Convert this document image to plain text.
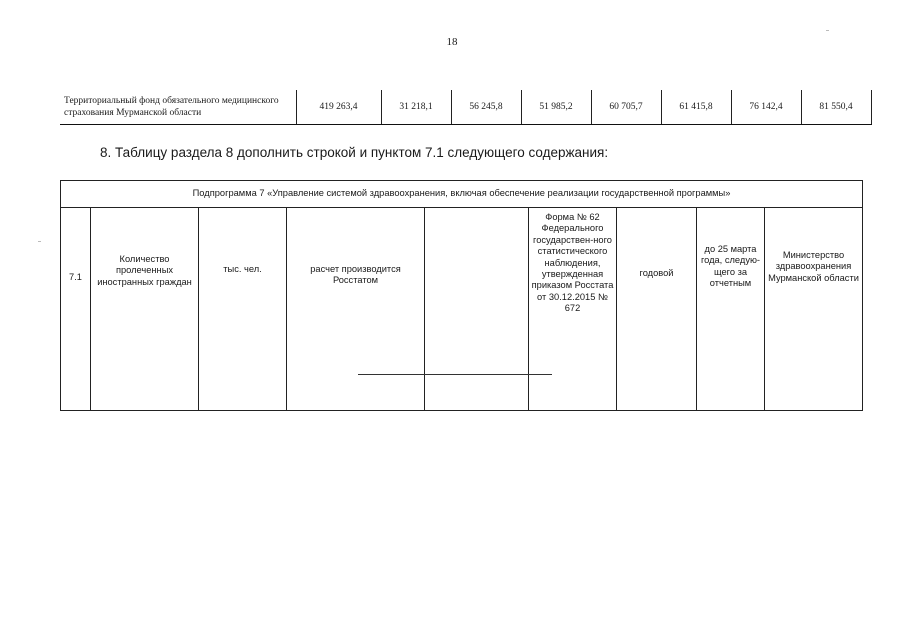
18
Территориальный фонд обязательного медицинского страхования Мурманской области	419 263,4	31 218,1	56 245,8	51 985,2	60 705,7	61 415,8	76 142,4	81 550,4
8. Таблицу раздела 8 дополнить строкой и пунктом 7.1 следующего содержания:
Подпрограмма 7 «Управление системой здравоохранения, включая обеспечение реализации государственной программы»
7.1	Количество пролеченных иностранных граждан	тыс. чел.	расчет производится Росстатом		Форма № 62 Федерального государствен-ного статистического наблюдения, утвержденная приказом Росстата от 30.12.2015 № 672	годовой	до 25 марта года, следую-щего за отчетным	Министерство здравоохранения Мурманской области
